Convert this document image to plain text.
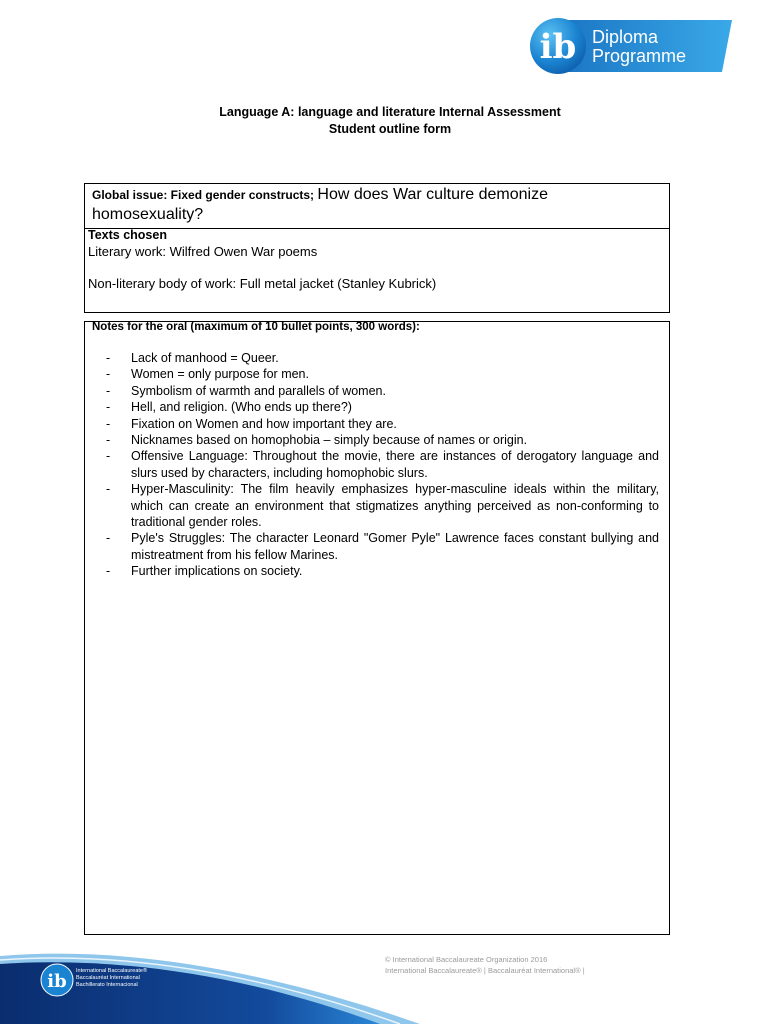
ib Diploma
Programme
Language A: language and literature Internal Assessment
Student outline form
Global issue: Fixed gender constructs; How does War culture demonize homosexuality?
Texts chosen
Literary work: Wilfred Owen War poems
Non-literary body of work: Full metal jacket (Stanley Kubrick)
Notes for the oral (maximum of 10 bullet points, 300 words):
- Lack of manhood = Queer.
- Women = only purpose for men.
- Symbolism of warmth and parallels of women.
- Hell, and religion. (Who ends up there?)
- Fixation on Women and how important they are.
- Nicknames based on homophobia – simply because of names or origin.
- Offensive Language: Throughout the movie, there are instances of derogatory language and slurs used by characters, including homophobic slurs.
- Hyper-Masculinity: The film heavily emphasizes hyper-masculine ideals within the military, which can create an environment that stigmatizes anything perceived as non-conforming to traditional gender roles.
- Pyle's Struggles: The character Leonard "Gomer Pyle" Lawrence faces constant bullying and mistreatment from his fellow Marines.
- Further implications on society.
ib International Baccalaureate®
Baccalauréat International
Bachillerato Internacional
© International Baccalaureate Organization 2016
International Baccalaureate® | Baccalauréat International® |
